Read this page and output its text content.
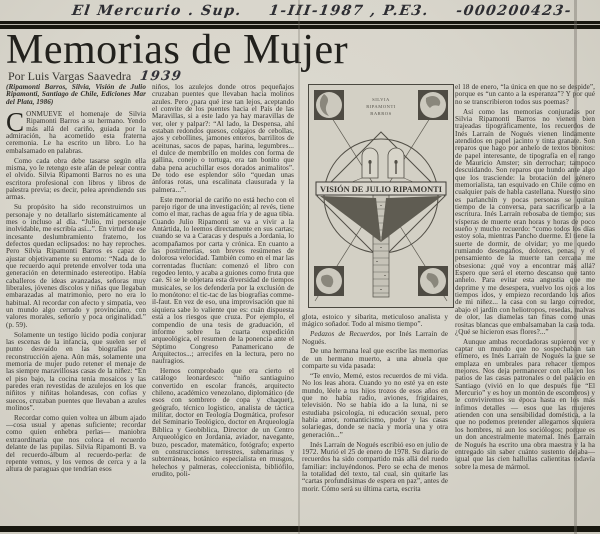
El Mercurio . Sup. 1-III-1987 , P.E3. -000200423-
Memorias de Mujer
Por Luis Vargas Saavedra 1939

(Ripamonti Barros, Silvia, Visión de Julio Ripamonti, Santiago de Chile, Ediciones Mar del Plata, 1986)

CONMUEVE el homenaje de Silvia Ripamonti Barros a su hermano. Yendo más allá del cariño, guiada por la admiración, ha acometido esta fraterna ceremonia. Le ha escrito un libro. Lo ha embalsamado en palabras.

Como cada obra debe tasarse según ella misma, yo le retengo este afán de pelear contra el olvido. Silvia Ripamonti Barros no es una escritora profesional con libros y libros de palestra previa; es decir, pelea aprendiendo sus armas.

Su propósito ha sido reconstruirnos un personaje y no detallarlo sistemáticamente al mes o incluso al día. “Julio, mi personaje inolvidable, me escribía así...”. En virtud de ese incesante deslumbramiento fraterno, los defectos quedan eclipsados: no hay reproches. Pero Silvia Ripamonti Barros es capaz de ajustar objetivamente su entorno: “Nada de lo que recuerdo aquí pretende envolver toda una generación en determinado estereotipo. Había caballeros de ideas avanzadas, señoras muy liberales, jóvenes díscolos y niñas que llegaban embarazadas al matrimonio, pero no era lo habitual. Al recordar con afecto y simpatía, veo un mundo algo cerrado y provinciano, con valores morales, señorío y poca originalidad.” (p. 59).

Solamente un testigo lúcido podía conjurar las escenas de la infancia, que suelen ser el punto desvaído en las biografías por reconstrucción ajena. Aún más, solamente una memoria de mujer pudo retener el menaje de las siempre maravillosas casas de la niñez: “En el piso bajo, la cocina tenía mosaicos y las paredes eran revestidas de azulejos en los que niñitos y niñitas holandesas, con cofias y suecos, cruzaban puentes que llevaban a azules molinos”.

Recordar como quien voltea un álbum ajado —cosa usual y apenas suficiente; recordar como quien enhebra perlas— maniobra extraordinaria que nos coloca el recuerdo delante de las pupilas. Silvia Ripamonti B. va del recuerdo-álbum al recuerdo-perla: de repente vemos, y los vemos de cerca y a la altura de paraguas que tendrían esos

niños, los azulejos donde otros pequeñajos cruzaban puentes que llevaban hacia molinos azules. Pero ¿para qué irse tan lejos, aceptando el convite de los puentes hacia el País de las Maravillas, si a este lado ya hay maravillas de ver, oler y palpar?: “Al lado, la Despensa, ahí estaban redondos quesos, colgajos de cebollas, ajos y cebollines, jamones enteros, barrilitos de aceitunas, sacos de papas, harina, legumbres... el dulce de membrillo en moldes con forma de gallina, conejo o tortuga, era tan bonito que daba pena acuchillar esos dorados animalitos”. De todo ese esplendor sólo “quedan unas ánforas rotas, una escalinata clausurada y la palmera...”.

Este memorial de cariño no está hecho con el parejo rigor de una investigación; al revés, tiene como el mar, rachas de agua fría y de agua tibia. Cuando Julio Ripamonti se va a vivir a la Antártida, lo leemos directamente en sus cartas; cuando se va a Caracas y después a Jordania, lo acompañamos por carta y crónica. En cuanto a las postrimerías, son breves resúmenes de dolorosa velocidad. También como en el mar las correntadas fluctúan: comenzó el libro con regodeo lento, y acaba a guiones como fruta que cae. Si se le objetara esta diversidad de tiempos musicales, se los defendería por la exclusión de lo monótono: el tic-tac de las biografías comme-il-faut. En vez de eso, una improvisación que ni siquiera sabe lo valiente que es: cuán dispuesta está a los riesgos que cruza. Por ejemplo, el compendio de una tesis de graduación, el informe sobre la cuarta expedición arqueológica, el resumen de la ponencia ante el Séptimo Congreso Panamericano de Arquitectos...; arrecifes en la lectura, pero no naufragios.

Hemos comprobado que era cierto el catálogo leonardesco: “niño santiaguino convertido en escolar francés, arquitecto chileno, académico venezolano, diplomático (de esos con sombrero de copa y chaquet), geógrafo, técnico logístico, analista de táctica militar, doctor en Teología Dogmática, profesor del Seminario Teológico, doctor en Arqueología Bíblica y Geobíblica, Director de un Centro Arqueológico en Jordania, aviador, navegante, buzo, pescador, matemático, fotógrafo; experto en construcciones terrestres, submarinas y subterráneas, botánico especialista en musgos, helechos y palmeras, coleccionista, bibliófilo, erudito, poli-

SILVIA
RIPAMONTI
BARROS
VISIÓN DE JULIO RIPAMONTI

glota, estoico y sibarita, meticuloso analista y mágico soñador. Todo al mismo tiempo”.

Pedazos de Recuerdos, por Inés Larraín de Nogués.

De una hermana leal que escribe las memorias de un hermano muerto, a una abuela que comparte su vida pasada:

“Te envío, Memé, estos recuerdos de mi vida. No los leas ahora. Cuando yo no esté ya en este mundo, léele a tus hijos trozos de esos años en que no había radio, aviones, frigidaires, televisión. No se había ido a la luna, ni se estudiaba psicología, ni educación sexual, pero había amor, romanticismo, pudor y las casas solariegas, donde se nacía y moría una y otra generación...”

Inés Larraín de Nogués escribió eso en julio de 1972. Murió el 25 de enero de 1978. Su diario de recuerdos ha sido compartido más allá del ruedo familiar: incluyéndonos. Pero se echa de menos la totalidad del texto, tal cual, sin quitarle las “cartas profundísimas de espera en paz”, antes de morir. Cómo será su última carta, escrita

el 18 de enero, “la única en que no se despide”, porque es “un canto a la esperanza”? Y por qué no se transcribieron todos sus poemas?

Así como las memorias conjuradas por Silvia Ripamonti Barros no vienen bien trajeadas tipográficamente, los recuerdos de Inés Larraín de Nogués vienen lindamente atendidos en papel jacinto y tinta granate. Son reparos que hago por anhelo de textos bonitos: de papel interesante, de tipografía en el rango de Mauricio Amster; sin derrochar; tampoco descuidando. Son reparos que hundo ante algo que los trasciende: la brotación del género memorialista, tan esquivado en Chile como en cualquier país de habla castellana. Nuestro sino es parlanchín y pocas personas se quitan tiempo de la conversa, para sacrificarlo a la escritura. Inés Larraín rebosaba de tiempo; sus vísperas de muerte eran horas y horas de poco sueño y mucho recuerdo: “como todos los días estoy sola, mientras Pancho duerme. Él tiene la suerte de dormir, de olvidar; yo me quedo rumiando desengaños, dolores, penas, y el pensamiento de la muerte tan cercana me obsesiona: ¿qué voy a encontrar más allá? Espero que será el eterno descanso que tanto anhelo. Para evitar esta angustia que me deprime y me desespera, vuelvo los ojos a los tiempos idos, y empiezo recordando los años de mi niñez... la casa con su largo corredor, abajo el jardín con heliotropos, resedas, malvas de olor, las diamelas tan finas como unas rositas blancas que embalsamaban la casa toda. ¿Qué se hicieron esas flores?...”

Aunque ambas recordadoras supieron ver y captar un mundo que no sospechaban tan efímero, es Inés Larraín de Nogués la que se emplaza en umbrales para rehacer tiempos mejores. Nos deja permanecer con ella en los patios de las casas patronales o del palacio en Santiago (vivió en lo que después fue “El Mercurio” y es hoy un montón de escombros) y le conviviremos su época hasta en los más ínfimos detalles — esos que las mujeres atienden con una sensibilidad doméstica, a la que no podemos pretender allegarnos siquiera los hombres, ni aun los sociólogos; porque es un don ancestralmente maternal. Inés Larraín de Nogués ha escrito una obra maestra y la ha entregado sin saber cuánto sustento dejaba— igual que las cien hallullas calientitas todavía sobre la mesa de mármol.
